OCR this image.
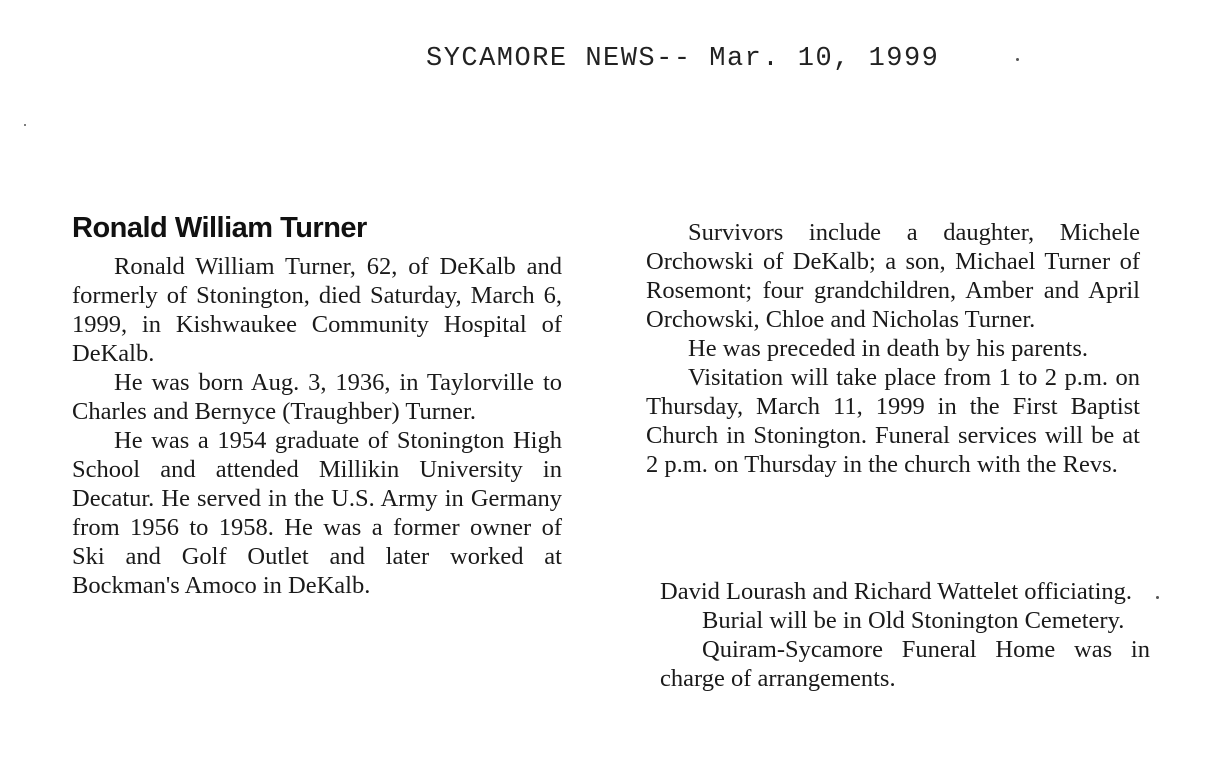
SYCAMORE NEWS-- Mar. 10, 1999
Ronald William Turner

Ronald William Turner, 62, of DeKalb and formerly of Stonington, died Saturday, March 6, 1999, in Kishwaukee Community Hospital of DeKalb.

He was born Aug. 3, 1936, in Taylorville to Charles and Bernyce (Traughber) Turner.

He was a 1954 graduate of Stonington High School and attended Millikin University in Decatur. He served in the U.S. Army in Germany from 1956 to 1958. He was a former owner of Ski and Golf Outlet and later worked at Bockman's Amoco in DeKalb.

Survivors include a daughter, Michele Orchowski of DeKalb; a son, Michael Turner of Rosemont; four grandchildren, Amber and April Orchowski, Chloe and Nicholas Turner.

He was preceded in death by his parents.

Visitation will take place from 1 to 2 p.m. on Thursday, March 11, 1999 in the First Baptist Church in Stonington. Funeral services will be at 2 p.m. on Thursday in the church with the Revs.

David Lourash and Richard Wattelet officiating.

Burial will be in Old Stonington Cemetery.

Quiram-Sycamore Funeral Home was in charge of arrangements.
